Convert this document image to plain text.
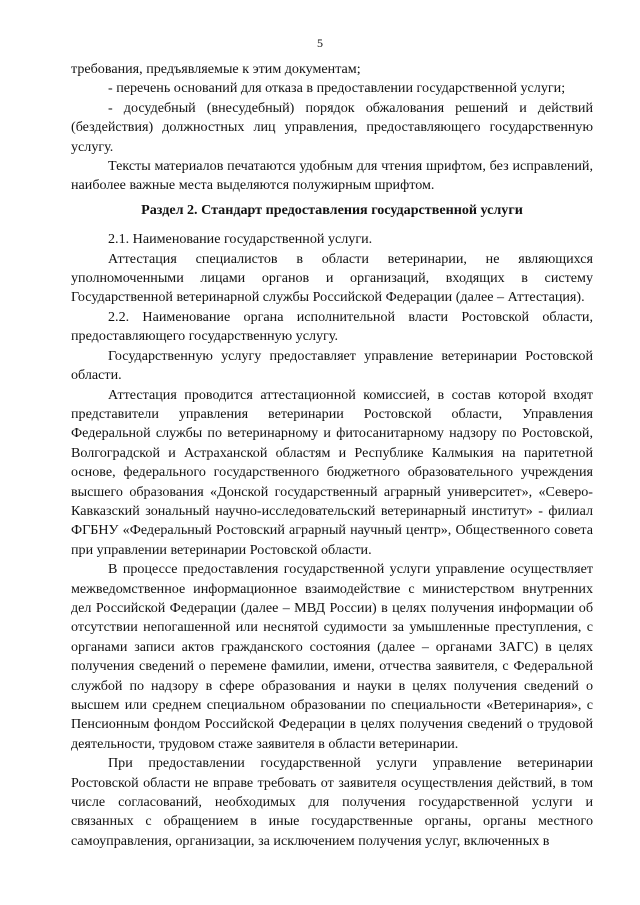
5

требования, предъявляемые к этим документам;

- перечень оснований для отказа в предоставлении государственной услуги;

- досудебный (внесудебный) порядок обжалования решений и действий (бездействия) должностных лиц управления, предоставляющего государственную услугу.

Тексты материалов печатаются удобным для чтения шрифтом, без исправлений, наиболее важные места выделяются полужирным шрифтом.

Раздел 2. Стандарт предоставления государственной услуги

2.1. Наименование государственной услуги.

Аттестация специалистов в области ветеринарии, не являющихся уполномоченными лицами органов и организаций, входящих в систему Государственной ветеринарной службы Российской Федерации (далее – Аттестация).

2.2. Наименование органа исполнительной власти Ростовской области, предоставляющего государственную услугу.

Государственную услугу предоставляет управление ветеринарии Ростовской области.

Аттестация проводится аттестационной комиссией, в состав которой входят представители управления ветеринарии Ростовской области, Управления Федеральной службы по ветеринарному и фитосанитарному надзору по Ростовской, Волгоградской и Астраханской областям и Республике Калмыкия на паритетной основе, федерального государственного бюджетного образовательного учреждения высшего образования «Донской государственный аграрный университет», «Северо-Кавказский зональный научно-исследовательский ветеринарный институт» - филиал ФГБНУ «Федеральный Ростовский аграрный научный центр», Общественного совета при управлении ветеринарии Ростовской области.

В процессе предоставления государственной услуги управление осуществляет межведомственное информационное взаимодействие с министерством внутренних дел Российской Федерации (далее – МВД России) в целях получения информации об отсутствии непогашенной или неснятой судимости за умышленные преступления, с органами записи актов гражданского состояния (далее – органами ЗАГС) в целях получения сведений о перемене фамилии, имени, отчества заявителя, с Федеральной службой по надзору в сфере образования и науки в целях получения сведений о высшем или среднем специальном образовании по специальности «Ветеринария», с Пенсионным фондом Российской Федерации в целях получения сведений о трудовой деятельности, трудовом стаже заявителя в области ветеринарии.

При предоставлении государственной услуги управление ветеринарии Ростовской области не вправе требовать от заявителя осуществления действий, в том числе согласований, необходимых для получения государственной услуги и связанных с обращением в иные государственные органы, органы местного самоуправления, организации, за исключением получения услуг, включенных в
